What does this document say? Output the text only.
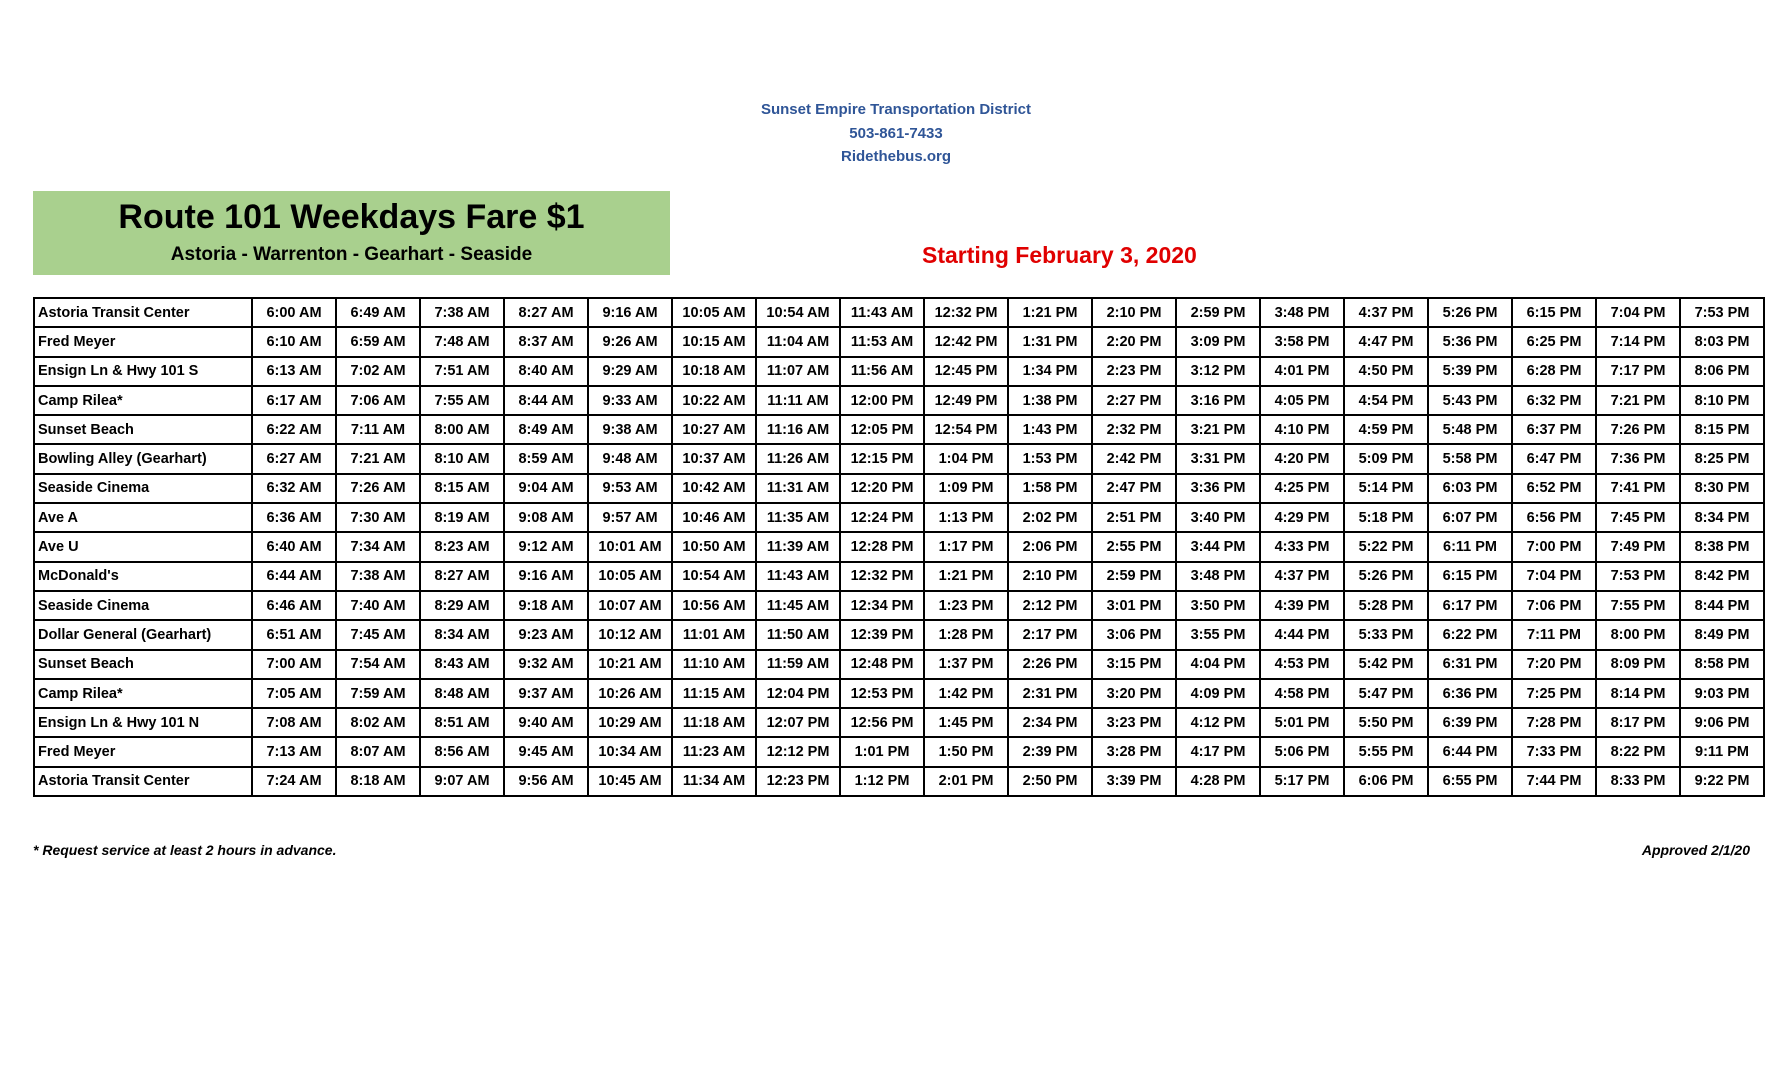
Sunset Empire Transportation District
503-861-7433
Ridethebus.org
Route 101 Weekdays Fare $1
Astoria - Warrenton - Gearhart - Seaside	Starting February 3, 2020
Astoria Transit Center	6:00 AM	6:49 AM	7:38 AM	8:27 AM	9:16 AM	10:05 AM	10:54 AM	11:43 AM	12:32 PM	1:21 PM	2:10 PM	2:59 PM	3:48 PM	4:37 PM	5:26 PM	6:15 PM	7:04 PM	7:53 PM
Fred Meyer	6:10 AM	6:59 AM	7:48 AM	8:37 AM	9:26 AM	10:15 AM	11:04 AM	11:53 AM	12:42 PM	1:31 PM	2:20 PM	3:09 PM	3:58 PM	4:47 PM	5:36 PM	6:25 PM	7:14 PM	8:03 PM
Ensign Ln & Hwy 101 S	6:13 AM	7:02 AM	7:51 AM	8:40 AM	9:29 AM	10:18 AM	11:07 AM	11:56 AM	12:45 PM	1:34 PM	2:23 PM	3:12 PM	4:01 PM	4:50 PM	5:39 PM	6:28 PM	7:17 PM	8:06 PM
Camp Rilea*	6:17 AM	7:06 AM	7:55 AM	8:44 AM	9:33 AM	10:22 AM	11:11 AM	12:00 PM	12:49 PM	1:38 PM	2:27 PM	3:16 PM	4:05 PM	4:54 PM	5:43 PM	6:32 PM	7:21 PM	8:10 PM
Sunset Beach	6:22 AM	7:11 AM	8:00 AM	8:49 AM	9:38 AM	10:27 AM	11:16 AM	12:05 PM	12:54 PM	1:43 PM	2:32 PM	3:21 PM	4:10 PM	4:59 PM	5:48 PM	6:37 PM	7:26 PM	8:15 PM
Bowling Alley (Gearhart)	6:27 AM	7:21 AM	8:10 AM	8:59 AM	9:48 AM	10:37 AM	11:26 AM	12:15 PM	1:04 PM	1:53 PM	2:42 PM	3:31 PM	4:20 PM	5:09 PM	5:58 PM	6:47 PM	7:36 PM	8:25 PM
Seaside Cinema	6:32 AM	7:26 AM	8:15 AM	9:04 AM	9:53 AM	10:42 AM	11:31 AM	12:20 PM	1:09 PM	1:58 PM	2:47 PM	3:36 PM	4:25 PM	5:14 PM	6:03 PM	6:52 PM	7:41 PM	8:30 PM
Ave A	6:36 AM	7:30 AM	8:19 AM	9:08 AM	9:57 AM	10:46 AM	11:35 AM	12:24 PM	1:13 PM	2:02 PM	2:51 PM	3:40 PM	4:29 PM	5:18 PM	6:07 PM	6:56 PM	7:45 PM	8:34 PM
Ave U	6:40 AM	7:34 AM	8:23 AM	9:12 AM	10:01 AM	10:50 AM	11:39 AM	12:28 PM	1:17 PM	2:06 PM	2:55 PM	3:44 PM	4:33 PM	5:22 PM	6:11 PM	7:00 PM	7:49 PM	8:38 PM
McDonald's	6:44 AM	7:38 AM	8:27 AM	9:16 AM	10:05 AM	10:54 AM	11:43 AM	12:32 PM	1:21 PM	2:10 PM	2:59 PM	3:48 PM	4:37 PM	5:26 PM	6:15 PM	7:04 PM	7:53 PM	8:42 PM
Seaside Cinema	6:46 AM	7:40 AM	8:29 AM	9:18 AM	10:07 AM	10:56 AM	11:45 AM	12:34 PM	1:23 PM	2:12 PM	3:01 PM	3:50 PM	4:39 PM	5:28 PM	6:17 PM	7:06 PM	7:55 PM	8:44 PM
Dollar General (Gearhart)	6:51 AM	7:45 AM	8:34 AM	9:23 AM	10:12 AM	11:01 AM	11:50 AM	12:39 PM	1:28 PM	2:17 PM	3:06 PM	3:55 PM	4:44 PM	5:33 PM	6:22 PM	7:11 PM	8:00 PM	8:49 PM
Sunset Beach	7:00 AM	7:54 AM	8:43 AM	9:32 AM	10:21 AM	11:10 AM	11:59 AM	12:48 PM	1:37 PM	2:26 PM	3:15 PM	4:04 PM	4:53 PM	5:42 PM	6:31 PM	7:20 PM	8:09 PM	8:58 PM
Camp Rilea*	7:05 AM	7:59 AM	8:48 AM	9:37 AM	10:26 AM	11:15 AM	12:04 PM	12:53 PM	1:42 PM	2:31 PM	3:20 PM	4:09 PM	4:58 PM	5:47 PM	6:36 PM	7:25 PM	8:14 PM	9:03 PM
Ensign Ln & Hwy 101 N	7:08 AM	8:02 AM	8:51 AM	9:40 AM	10:29 AM	11:18 AM	12:07 PM	12:56 PM	1:45 PM	2:34 PM	3:23 PM	4:12 PM	5:01 PM	5:50 PM	6:39 PM	7:28 PM	8:17 PM	9:06 PM
Fred Meyer	7:13 AM	8:07 AM	8:56 AM	9:45 AM	10:34 AM	11:23 AM	12:12 PM	1:01 PM	1:50 PM	2:39 PM	3:28 PM	4:17 PM	5:06 PM	5:55 PM	6:44 PM	7:33 PM	8:22 PM	9:11 PM
Astoria Transit Center	7:24 AM	8:18 AM	9:07 AM	9:56 AM	10:45 AM	11:34 AM	12:23 PM	1:12 PM	2:01 PM	2:50 PM	3:39 PM	4:28 PM	5:17 PM	6:06 PM	6:55 PM	7:44 PM	8:33 PM	9:22 PM
* Request service at least 2 hours in advance.	Approved 2/1/20
